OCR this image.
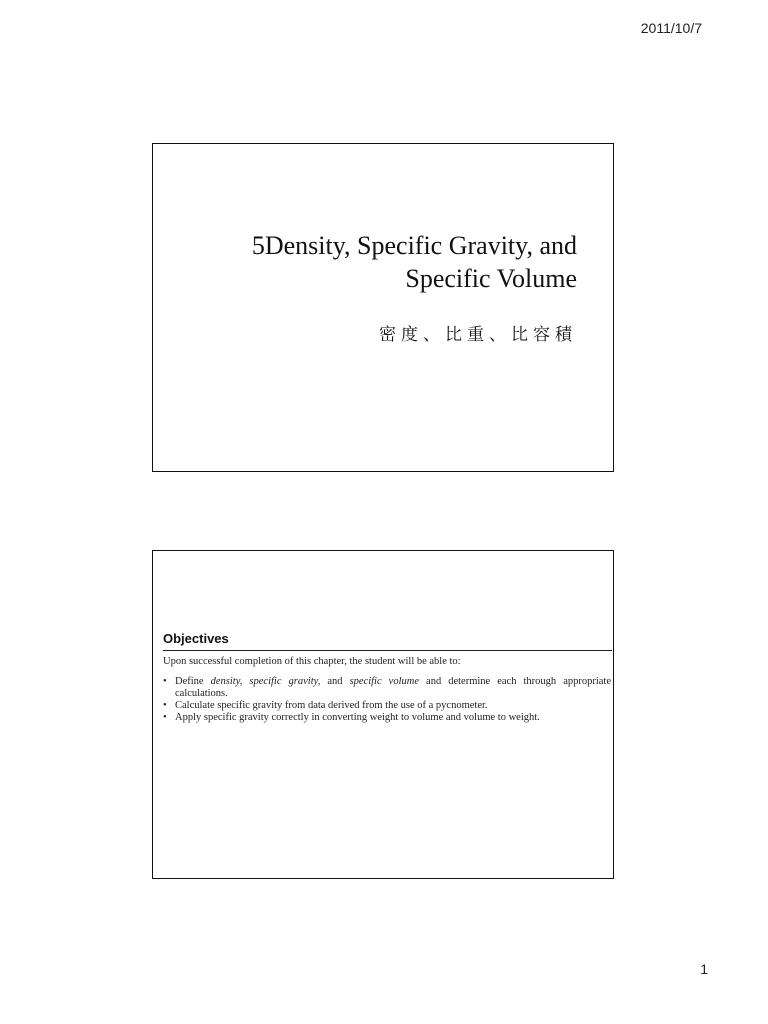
2011/10/7
5Density, Specific Gravity, and
Specific Volume
密度、比重、比容積
Objectives
Upon successful completion of this chapter, the student will be able to:
• Define density, specific gravity, and specific volume and determine each through appropriate calculations.
• Calculate specific gravity from data derived from the use of a pycnometer.
• Apply specific gravity correctly in converting weight to volume and volume to weight.
1
